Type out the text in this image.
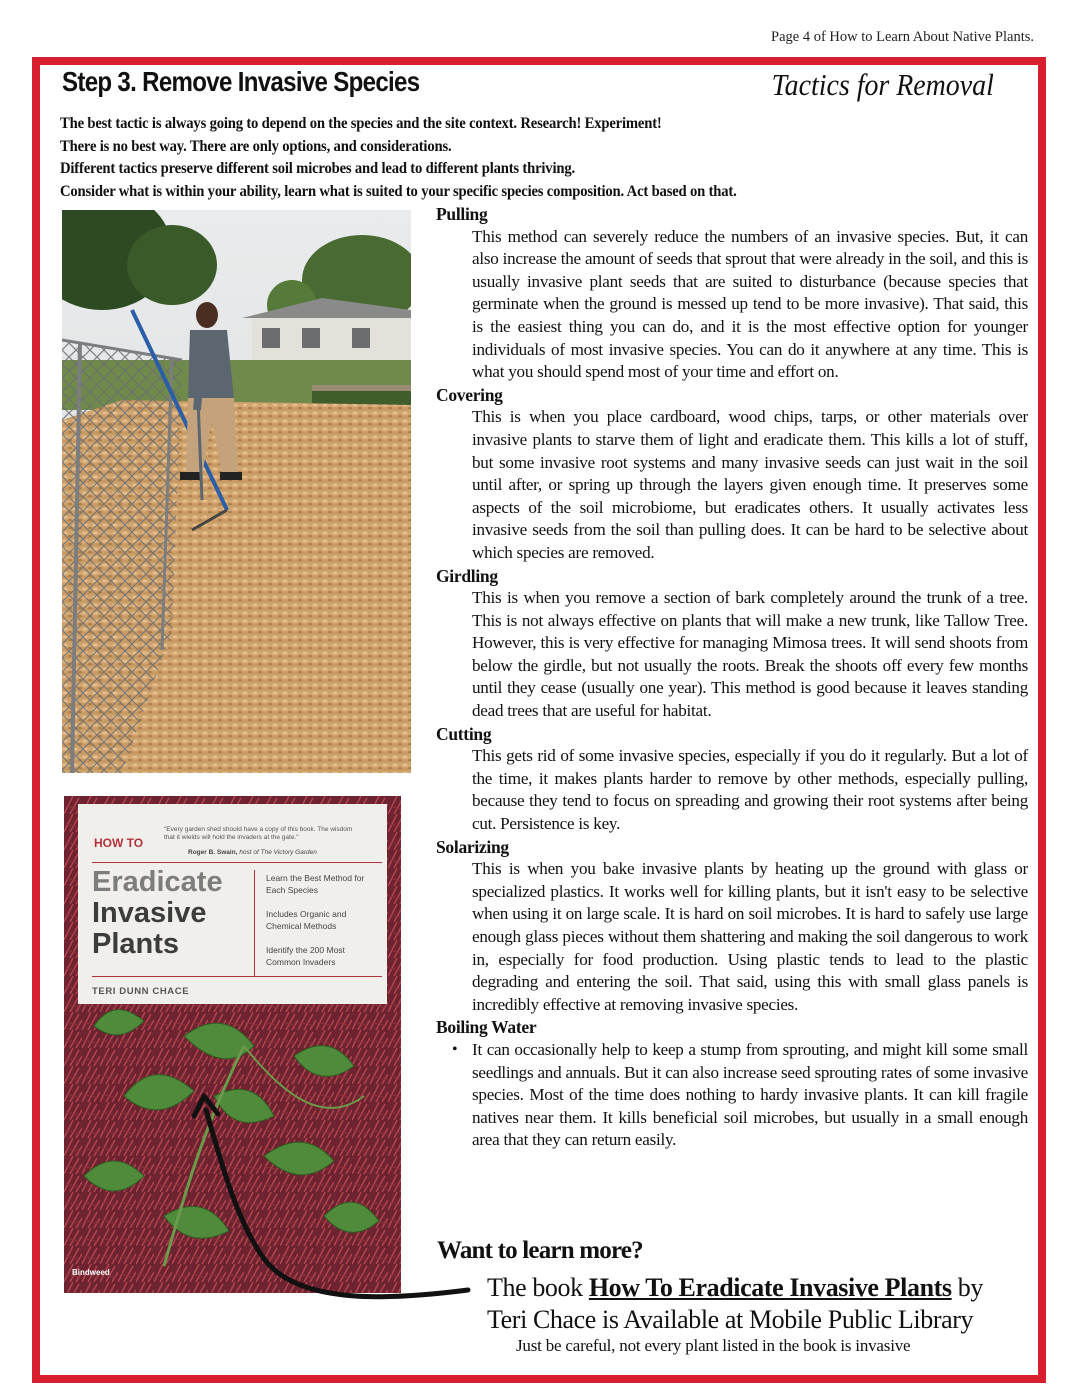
Page 4 of How to Learn About Native Plants.
Step 3. Remove Invasive Species	Tactics for Removal
The best tactic is always going to depend on the species and the site context. Research! Experiment!
There is no best way. There are only options, and considerations.
Different tactics preserve different soil microbes and lead to different plants thriving.
Consider what is within your ability, learn what is suited to your specific species composition. Act based on that.
HOW TO
"Every garden shed should have a copy of this book. The wisdom that it wields will hold the invaders at the gate."
Roger B. Swain, host of The Victory Garden
Eradicate
Invasive
Plants
Learn the Best Method for Each Species
Includes Organic and Chemical Methods
Identify the 200 Most Common Invaders
TERI DUNN CHACE
Bindweed
Pulling
This method can severely reduce the numbers of an invasive species. But, it can also increase the amount of seeds that sprout that were already in the soil, and this is usually invasive plant seeds that are suited to disturbance (because species that germinate when the ground is messed up tend to be more invasive). That said, this is the easiest thing you can do, and it is the most effective option for younger individuals of most invasive species. You can do it anywhere at any time. This is what you should spend most of your time and effort on.
Covering
This is when you place cardboard, wood chips, tarps, or other materials over invasive plants to starve them of light and eradicate them. This kills a lot of stuff, but some invasive root systems and many invasive seeds can just wait in the soil until after, or spring up through the layers given enough time. It preserves some aspects of the soil microbiome, but eradicates others. It usually activates less invasive seeds from the soil than pulling does. It can be hard to be selective about which species are removed.
Girdling
This is when you remove a section of bark completely around the trunk of a tree. This is not always effective on plants that will make a new trunk, like Tallow Tree. However, this is very effective for managing Mimosa trees. It will send shoots from below the girdle, but not usually the roots. Break the shoots off every few months until they cease (usually one year). This method is good because it leaves standing dead trees that are useful for habitat.
Cutting
This gets rid of some invasive species, especially if you do it regularly. But a lot of the time, it makes plants harder to remove by other methods, especially pulling, because they tend to focus on spreading and growing their root systems after being cut. Persistence is key.
Solarizing
This is when you bake invasive plants by heating up the ground with glass or specialized plastics. It works well for killing plants, but it isn't easy to be selective when using it on large scale. It is hard on soil microbes. It is hard to safely use large enough glass pieces without them shattering and making the soil dangerous to work in, especially for food production. Using plastic tends to lead to the plastic degrading and entering the soil. That said, using this with small glass panels is incredibly effective at removing invasive species.
Boiling Water
• It can occasionally help to keep a stump from sprouting, and might kill some small seedlings and annuals. But it can also increase seed sprouting rates of some invasive species. Most of the time does nothing to hardy invasive plants. It can kill fragile natives near them. It kills beneficial soil microbes, but usually in a small enough area that they can return easily.
Want to learn more?
The book How To Eradicate Invasive Plants by
Teri Chace is Available at Mobile Public Library
Just be careful, not every plant listed in the book is invasive
